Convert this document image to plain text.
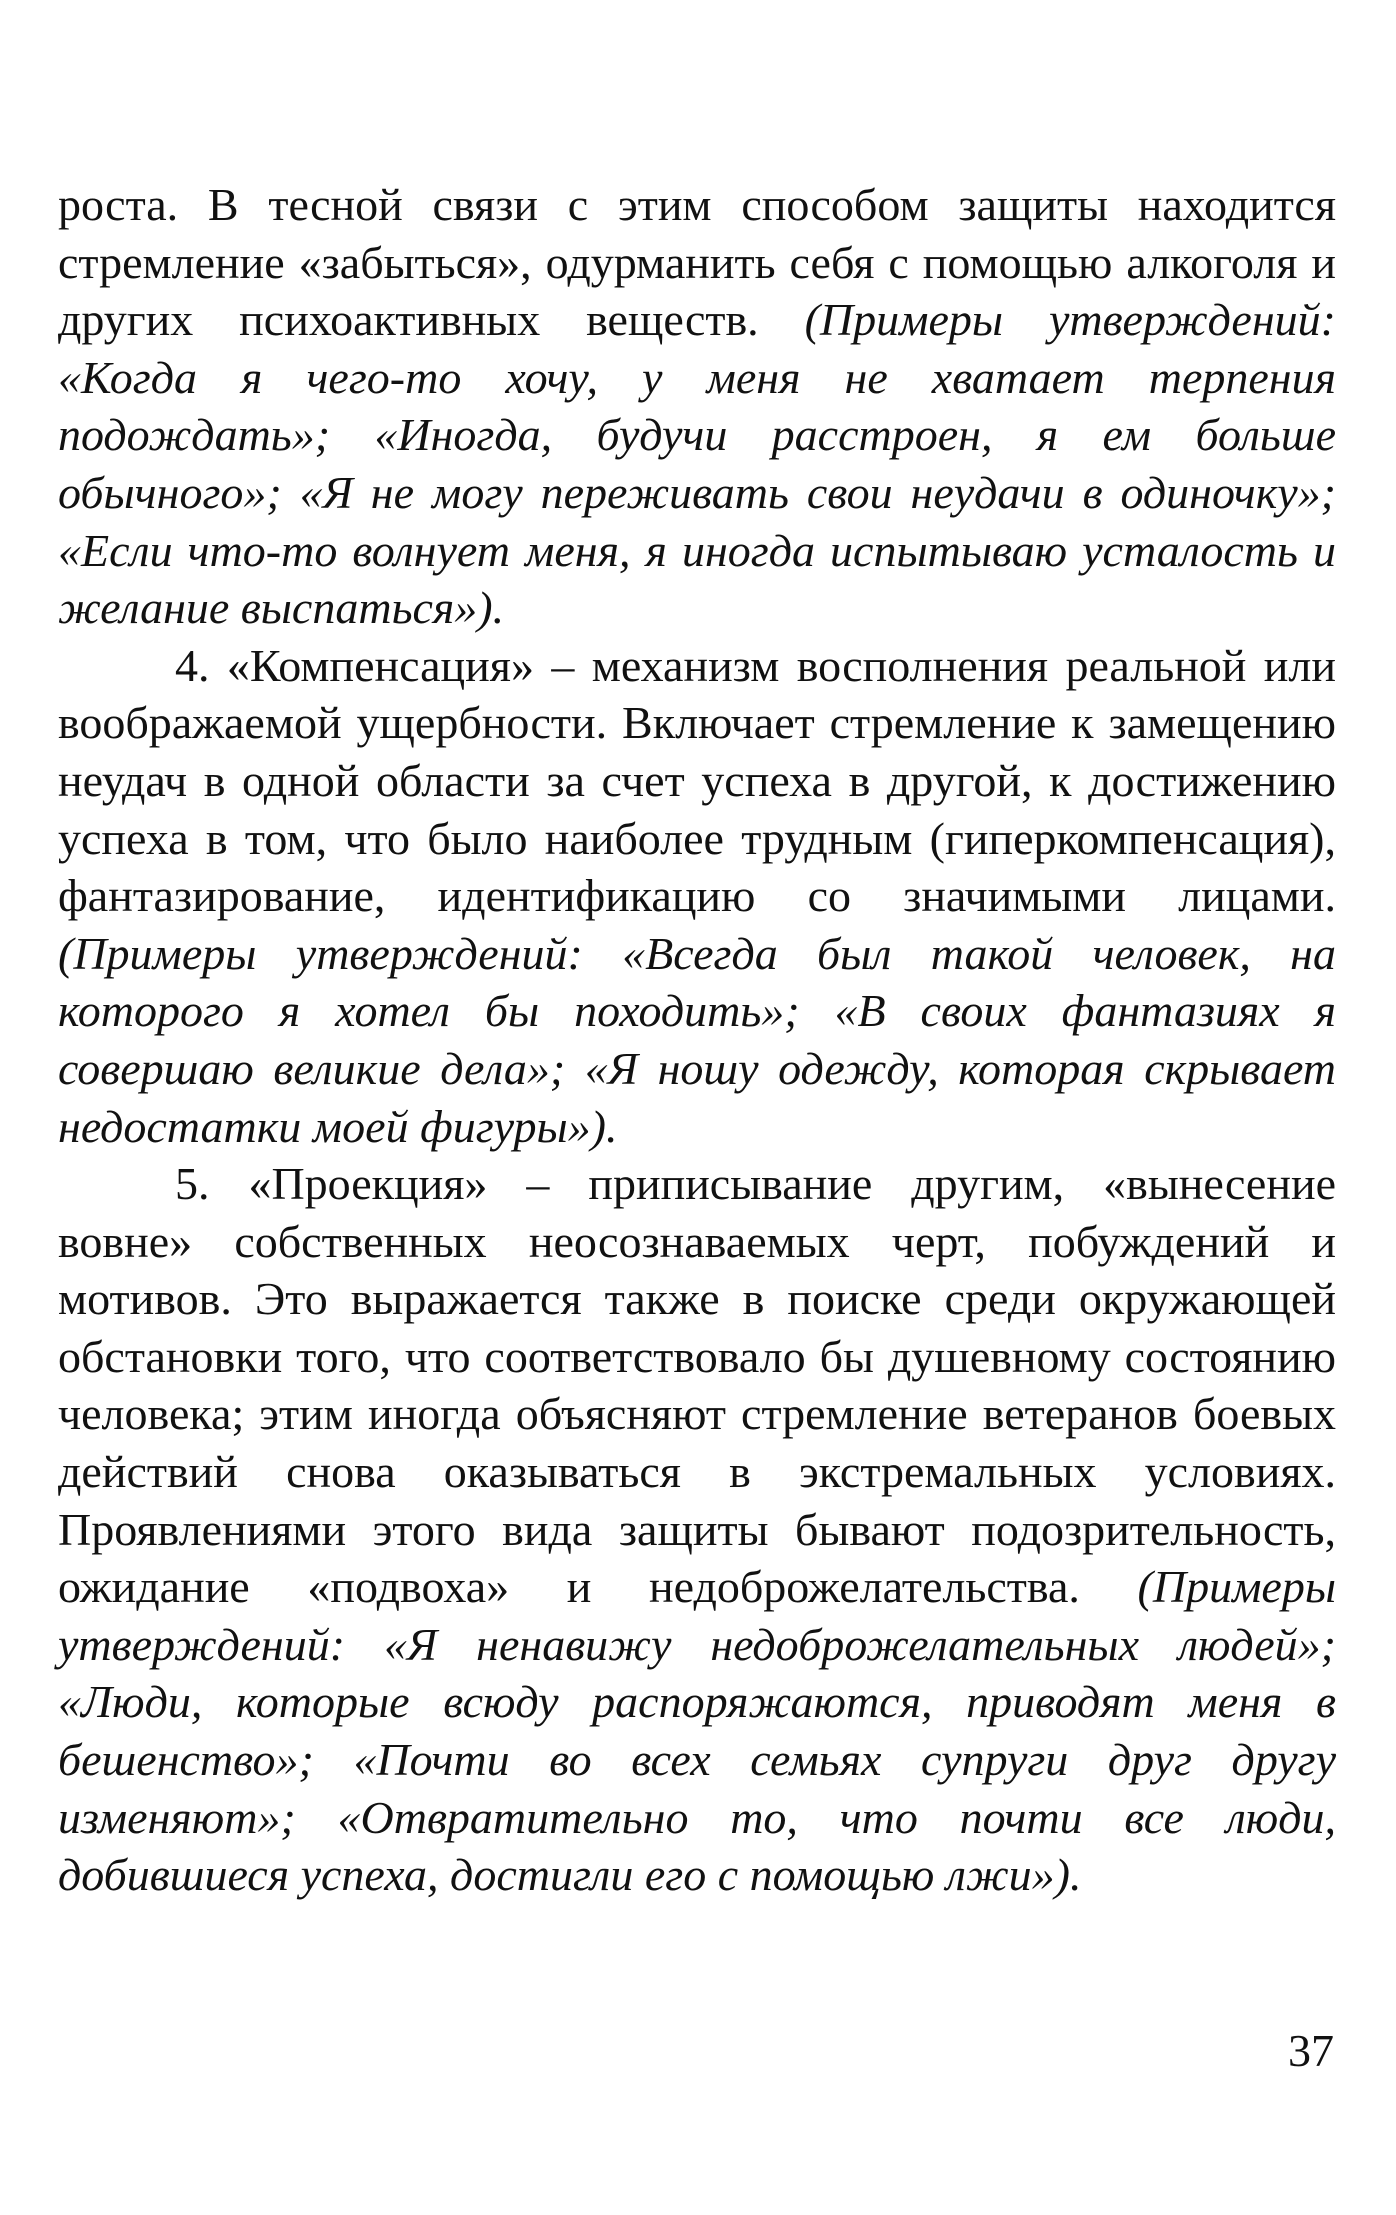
роста. В тесной связи с этим способом защиты находится стремление «забыться», одурманить себя с помощью алкоголя и других психоактивных веществ. (Примеры утверждений: «Когда я чего-то хочу, у меня не хватает терпения подождать»; «Иногда, будучи расстроен, я ем больше обычного»; «Я не могу переживать свои неудачи в одиночку»; «Если что-то волнует меня, я иногда испытываю усталость и желание выспаться»).

4. «Компенсация» – механизм восполнения реальной или воображаемой ущербности. Включает стремление к замещению неудач в одной области за счет успеха в другой, к достижению успеха в том, что было наиболее трудным (гиперкомпенсация), фантазирование, идентификацию со значимыми лицами. (Примеры утверждений: «Всегда был такой человек, на которого я хотел бы походить»; «В своих фантазиях я совершаю великие дела»; «Я ношу одежду, которая скрывает недостатки моей фигуры»).

5. «Проекция» – приписывание другим, «вынесение вовне» собственных неосознаваемых черт, побуждений и мотивов. Это выражается также в поиске среди окружающей обстановки того, что соответствовало бы душевному состоянию человека; этим иногда объясняют стремление ветеранов боевых действий снова оказываться в экстремальных условиях. Проявлениями этого вида защиты бывают подозрительность, ожидание «подвоха» и недоброжелательства. (Примеры утверждений: «Я ненавижу недоброжелательных людей»; «Люди, которые всюду распоряжаются, приводят меня в бешенство»; «Почти во всех семьях супруги друг другу изменяют»; «Отвратительно то, что почти все люди, добившиеся успеха, достигли его с помощью лжи»).

37
